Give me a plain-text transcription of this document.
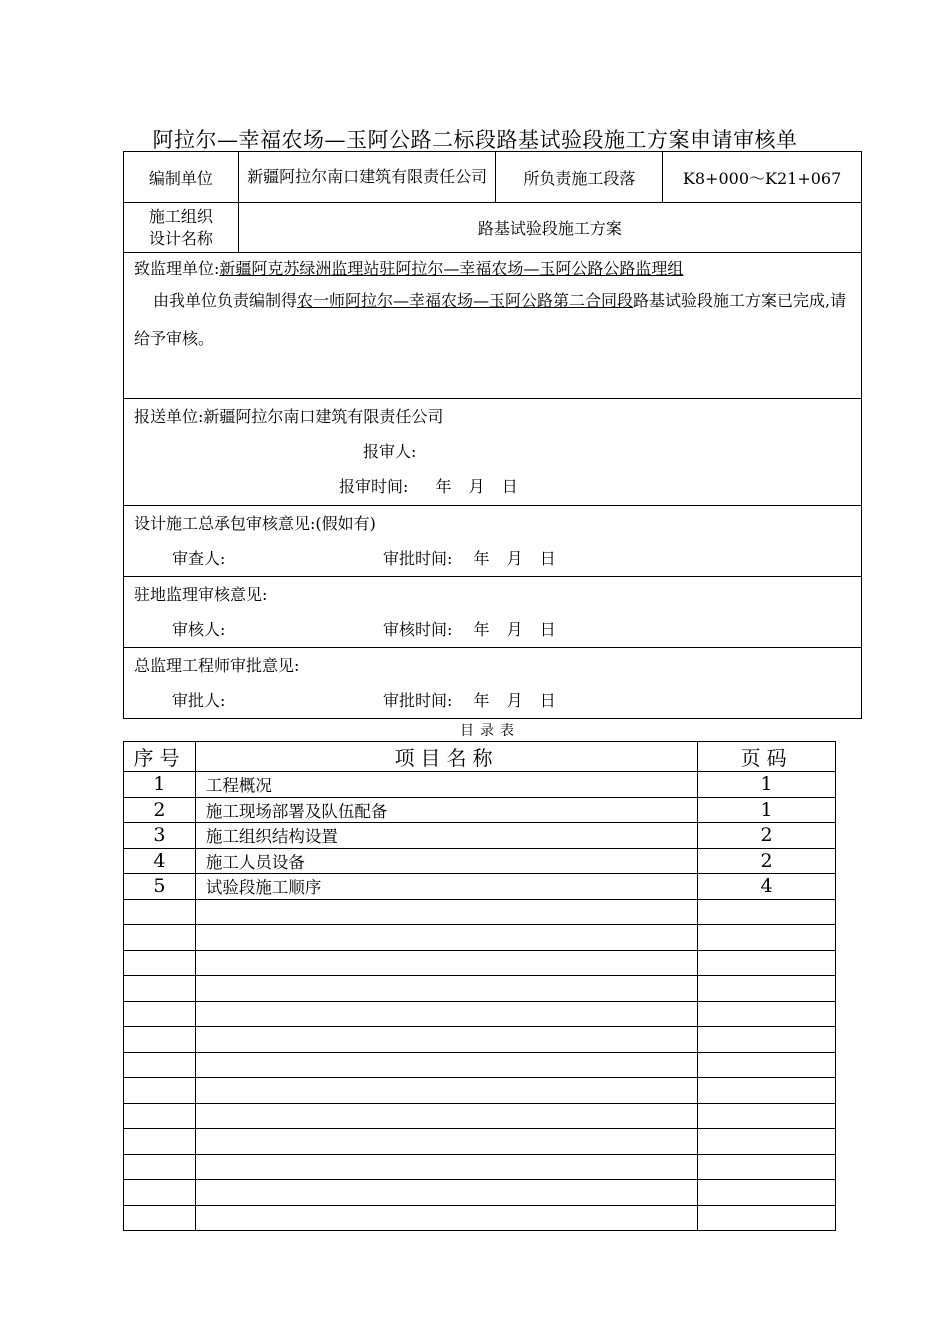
阿拉尔—幸福农场—玉阿公路二标段路基试验段施工方案申请审核单
编制单位	新疆阿拉尔南口建筑有限责任公司	所负责施工段落	K8+000～K21+067
施工组织设计名称	路基试验段施工方案		

致监理单位:新疆阿克苏绿洲监理站驻阿拉尔—幸福农场—玉阿公路公路监理组
由我单位负责编制得农一师阿拉尔—幸福农场—玉阿公路第二合同段路基试验段施工方案已完成,请给予审核。			

报送单位:新疆阿拉尔南口建筑有限责任公司
报审人:
报审时间: 年 月 日			

设计施工总承包审核意见:(假如有)
审查人: 审批时间: 年 月 日			

驻地监理审核意见:
审核人: 审核时间: 年 月 日			

总监理工程师审批意见:
审批人: 审批时间: 年 月 日			
目录表
序号	项目名称	页码
1	工程概况	1
2	施工现场部署及队伍配备	1
3	施工组织结构设置	2
4	施工人员设备	2
5	试验段施工顺序	4
